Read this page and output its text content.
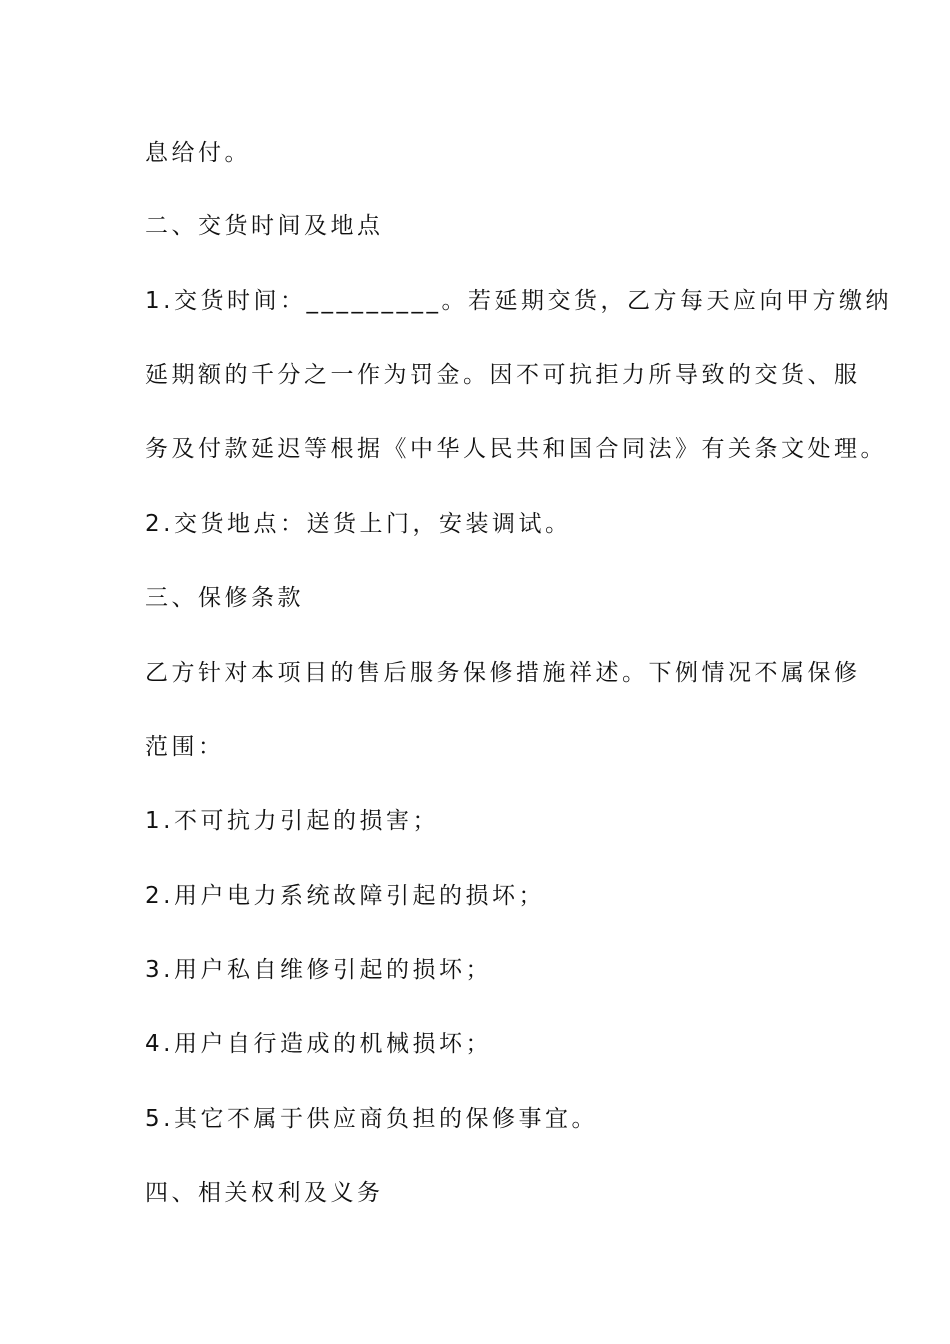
息给付。
二、交货时间及地点
1.交货时间：_________。若延期交货，乙方每天应向甲方缴纳
延期额的千分之一作为罚金。因不可抗拒力所导致的交货、服
务及付款延迟等根据《中华人民共和国合同法》有关条文处理。
2.交货地点：送货上门，安装调试。
三、保修条款
乙方针对本项目的售后服务保修措施祥述。下例情况不属保修
范围：
1.不可抗力引起的损害；
2.用户电力系统故障引起的损坏；
3.用户私自维修引起的损坏；
4.用户自行造成的机械损坏；
5.其它不属于供应商负担的保修事宜。
四、相关权利及义务
